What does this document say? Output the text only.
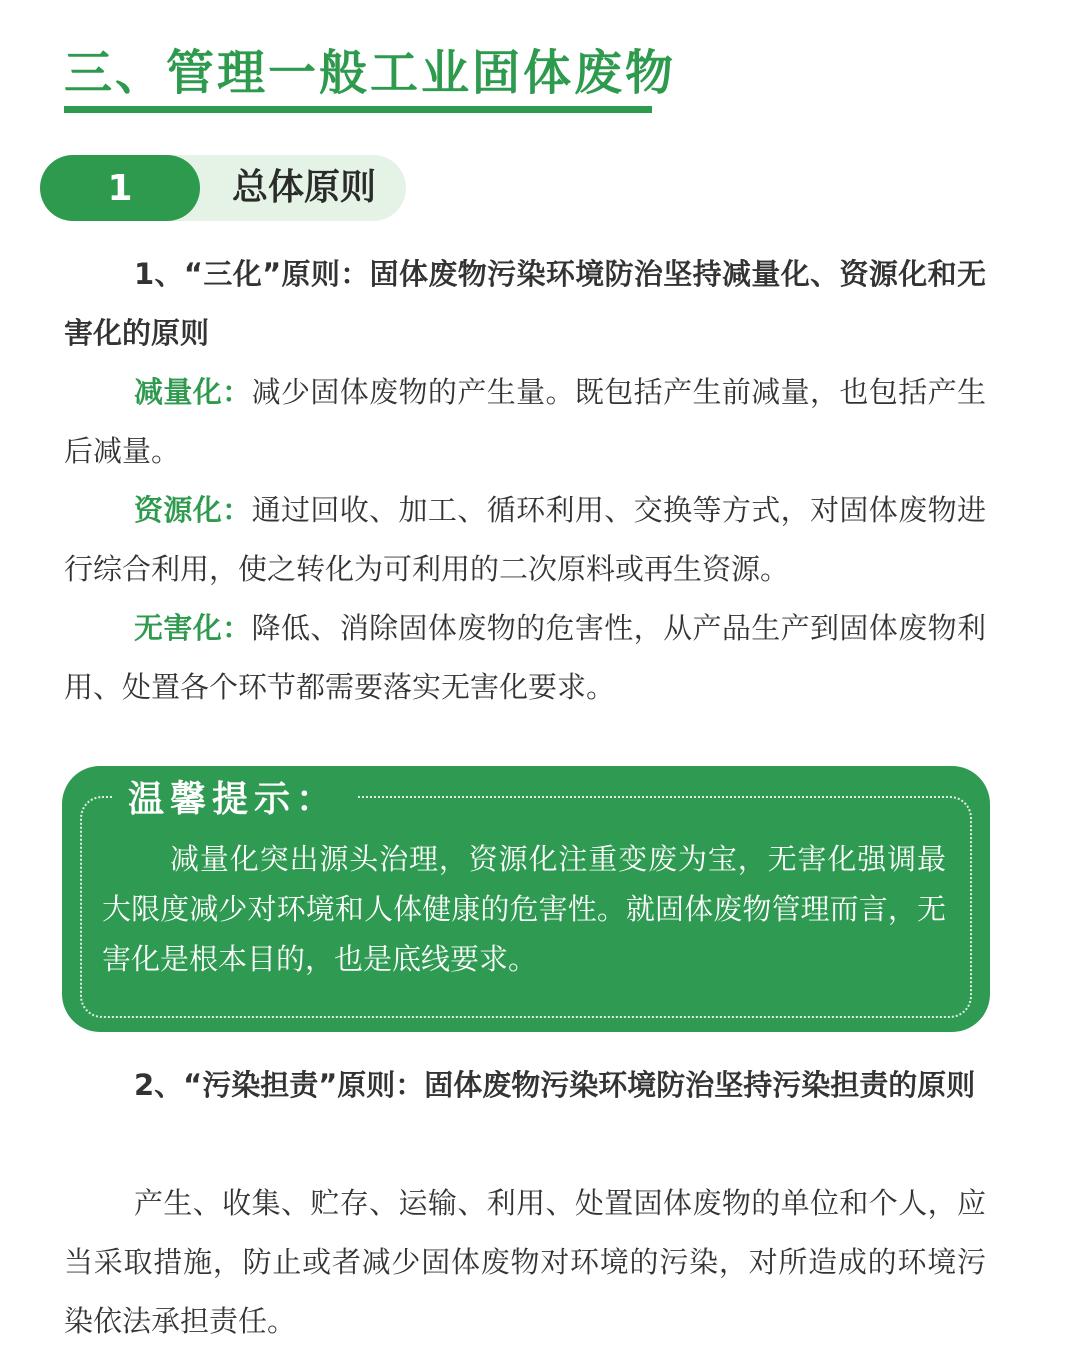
三、管理一般工业固体废物
1	总体原则

1、“三化”原则：固体废物污染环境防治坚持减量化、资源化和无害化的原则

减量化：减少固体废物的产生量。既包括产生前减量，也包括产生后减量。

资源化：通过回收、加工、循环利用、交换等方式，对固体废物进行综合利用，使之转化为可利用的二次原料或再生资源。

无害化：降低、消除固体废物的危害性，从产品生产到固体废物利用、处置各个环节都需要落实无害化要求。

温馨提示：

减量化突出源头治理，资源化注重变废为宝，无害化强调最大限度减少对环境和人体健康的危害性。就固体废物管理而言，无害化是根本目的，也是底线要求。

2、“污染担责”原则：固体废物污染环境防治坚持污染担责的原则

产生、收集、贮存、运输、利用、处置固体废物的单位和个人，应当采取措施，防止或者减少固体废物对环境的污染，对所造成的环境污染依法承担责任。
